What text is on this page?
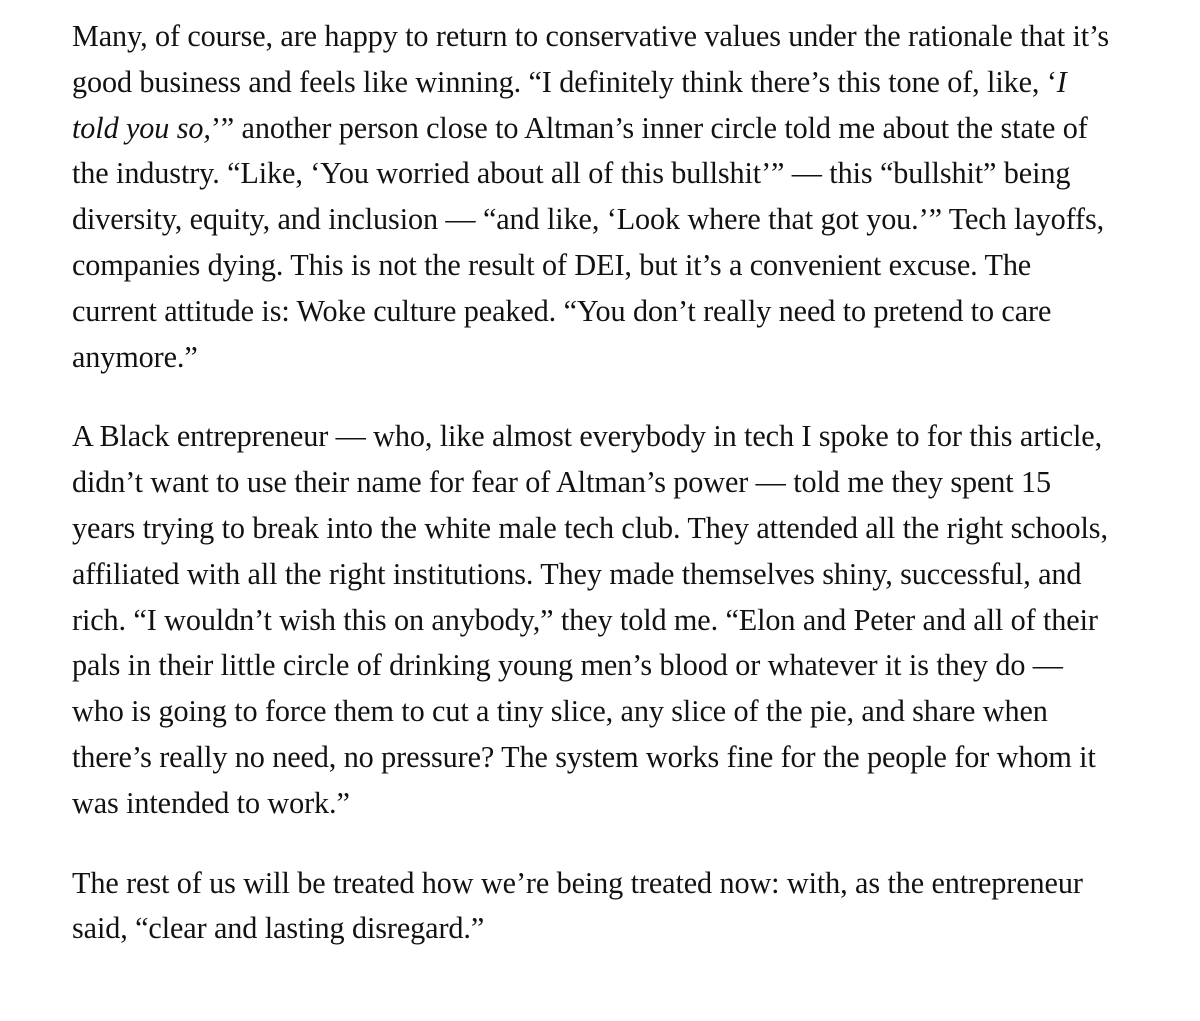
Many, of course, are happy to return to conservative values under the rationale that it’s good business and feels like winning. “I definitely think there’s this tone of, like, ‘I told you so,’” another person close to Altman’s inner circle told me about the state of the industry. “Like, ‘You worried about all of this bullshit’” — this “bullshit” being diversity, equity, and inclusion — “and like, ‘Look where that got you.’” Tech layoffs, companies dying. This is not the result of DEI, but it’s a convenient excuse. The current attitude is: Woke culture peaked. “You don’t really need to pretend to care anymore.”

A Black entrepreneur — who, like almost everybody in tech I spoke to for this article, didn’t want to use their name for fear of Altman’s power — told me they spent 15 years trying to break into the white male tech club. They attended all the right schools, affiliated with all the right institutions. They made themselves shiny, successful, and rich. “I wouldn’t wish this on anybody,” they told me. “Elon and Peter and all of their pals in their little circle of drinking young men’s blood or whatever it is they do — who is going to force them to cut a tiny slice, any slice of the pie, and share when there’s really no need, no pressure? The system works fine for the people for whom it was intended to work.”

The rest of us will be treated how we’re being treated now: with, as the entrepreneur said, “clear and lasting disregard.”
